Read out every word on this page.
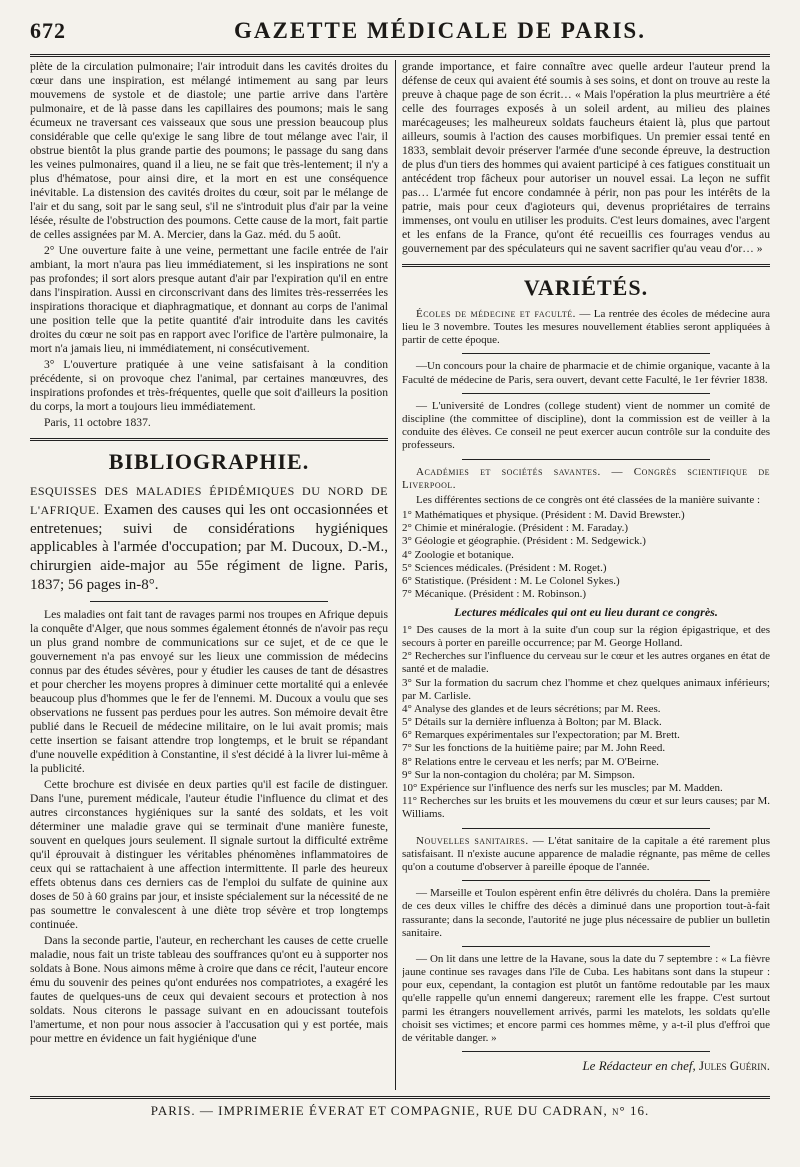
672	GAZETTE MÉDICALE DE PARIS.

plète de la circulation pulmonaire; l'air introduit dans les cavités droites du cœur dans une inspiration, est mélangé intimement au sang par leurs mouvemens de systole et de diastole; une partie arrive dans l'artère pulmonaire, et de là passe dans les capillaires des poumons; mais le sang écumeux ne traversant ces vaisseaux que sous une pression beaucoup plus considérable que celle qu'exige le sang libre de tout mélange avec l'air, il obstrue bientôt la plus grande partie des poumons; le passage du sang dans les veines pulmonaires, quand il a lieu, ne se fait que très-lentement; il n'y a plus d'hématose, pour ainsi dire, et la mort en est une conséquence inévitable. La distension des cavités droites du cœur, soit par le mélange de l'air et du sang, soit par le sang seul, s'il ne s'introduit plus d'air par la veine lésée, résulte de l'obstruction des poumons. Cette cause de la mort, fait partie de celles assignées par M. A. Mercier, dans la Gaz. méd. du 5 août.

2° Une ouverture faite à une veine, permettant une facile entrée de l'air ambiant, la mort n'aura pas lieu immédiatement, si les inspirations ne sont pas profondes; il sort alors presque autant d'air par l'expiration qu'il en entre dans l'inspiration. Aussi en circonscrivant dans des limites très-resserrées les inspirations thoracique et diaphragmatique, et donnant au corps de l'animal une position telle que la petite quantité d'air introduite dans les cavités droites du cœur ne soit pas en rapport avec l'orifice de l'artère pulmonaire, la mort n'a jamais lieu, ni immédiatement, ni consécutivement.

3° L'ouverture pratiquée à une veine satisfaisant à la condition précédente, si on provoque chez l'animal, par certaines manœuvres, des inspirations profondes et très-fréquentes, quelle que soit d'ailleurs la position du corps, la mort a toujours lieu immédiatement.

Paris, 11 octobre 1837.

BIBLIOGRAPHIE.
ESQUISSES DES MALADIES ÉPIDÉMIQUES DU NORD DE L'AFRIQUE. Examen des causes qui les ont occasionnées et entretenues; suivi de considérations hygiéniques applicables à l'armée d'occupation; par M. Ducoux, D.-M., chirurgien aide-major au 55e régiment de ligne. Paris, 1837; 56 pages in-8°.

Les maladies ont fait tant de ravages parmi nos troupes en Afrique depuis la conquête d'Alger, que nous sommes également étonnés de n'avoir pas reçu un plus grand nombre de communications sur ce sujet, et de ce que le gouvernement n'a pas envoyé sur les lieux une commission de médecins connus par des études sévères, pour y étudier les causes de tant de désastres et pour chercher les moyens propres à diminuer cette mortalité qui a enlevée beaucoup plus d'hommes que le fer de l'ennemi. M. Ducoux a voulu que ses observations ne fussent pas perdues pour les autres. Son mémoire devait être publié dans le Recueil de médecine militaire, on le lui avait promis; mais cette insertion se faisant attendre trop longtemps, et le bruit se répandant d'une nouvelle expédition à Constantine, il s'est décidé à la livrer lui-même à la publicité.

Cette brochure est divisée en deux parties qu'il est facile de distinguer. Dans l'une, purement médicale, l'auteur étudie l'influence du climat et des autres circonstances hygiéniques sur la santé des soldats, et les voit déterminer une maladie grave qui se terminait d'une manière funeste, souvent en quelques jours seulement. Il signale surtout la difficulté extrême qu'il éprouvait à distinguer les véritables phénomènes inflammatoires de ceux qui se rattachaient à une affection intermittente. Il parle des heureux effets obtenus dans ces derniers cas de l'emploi du sulfate de quinine aux doses de 50 à 60 grains par jour, et insiste spécialement sur la nécessité de ne pas soumettre le convalescent à une diète trop sévère et trop longtemps continuée.

Dans la seconde partie, l'auteur, en recherchant les causes de cette cruelle maladie, nous fait un triste tableau des souffrances qu'ont eu à supporter nos soldats à Bone. Nous aimons même à croire que dans ce récit, l'auteur encore ému du souvenir des peines qu'ont endurées nos compatriotes, a exagéré les fautes de quelques-uns de ceux qui devaient secours et protection à nos soldats. Nous citerons le passage suivant en en adoucissant toutefois l'amertume, et non pour nous associer à l'accusation qui y est portée, mais pour mettre en évidence un fait hygiénique d'une

grande importance, et faire connaître avec quelle ardeur l'auteur prend la défense de ceux qui avaient été soumis à ses soins, et dont on trouve au reste la preuve à chaque page de son écrit… « Mais l'opération la plus meurtrière a été celle des fourrages exposés à un soleil ardent, au milieu des plaines marécageuses; les malheureux soldats faucheurs étaient là, plus que partout ailleurs, soumis à l'action des causes morbifiques. Un premier essai tenté en 1833, semblait devoir préserver l'armée d'une seconde épreuve, la destruction de plus d'un tiers des hommes qui avaient participé à ces fatigues constituait un antécédent trop fâcheux pour autoriser un nouvel essai. La leçon ne suffit pas… L'armée fut encore condamnée à périr, non pas pour les intérêts de la patrie, mais pour ceux d'agioteurs qui, devenus propriétaires de terrains immenses, ont voulu en utiliser les produits. C'est leurs domaines, avec l'argent et les enfans de la France, qu'ont été recueillis ces fourrages vendus au gouvernement par des spéculateurs qui ne savent sacrifier qu'au veau d'or… »

VARIÉTÉS.

Écoles de médecine et faculté. — La rentrée des écoles de médecine aura lieu le 3 novembre. Toutes les mesures nouvellement établies seront appliquées à partir de cette époque.

—Un concours pour la chaire de pharmacie et de chimie organique, vacante à la Faculté de médecine de Paris, sera ouvert, devant cette Faculté, le 1er février 1838.

— L'université de Londres (college student) vient de nommer un comité de discipline (the committee of discipline), dont la commission est de veiller à la conduite des élèves. Ce conseil ne peut exercer aucun contrôle sur la conduite des professeurs.

Académies et sociétés savantes. — Congrès scientifique de Liverpool.

Les différentes sections de ce congrès ont été classées de la manière suivante :

1° Mathématiques et physique. (Président : M. David Brewster.)
2° Chimie et minéralogie. (Président : M. Faraday.)
3° Géologie et géographie. (Président : M. Sedgewick.)
4° Zoologie et botanique.
5° Sciences médicales. (Président : M. Roget.)
6° Statistique. (Président : M. Le Colonel Sykes.)
7° Mécanique. (Président : M. Robinson.)
Lectures médicales qui ont eu lieu durant ce congrès.
1° Des causes de la mort à la suite d'un coup sur la région épigastrique, et des secours à porter en pareille occurrence; par M. George Holland.
2° Recherches sur l'influence du cerveau sur le cœur et les autres organes en état de santé et de maladie.
3° Sur la formation du sacrum chez l'homme et chez quelques animaux inférieurs; par M. Carlisle.
4° Analyse des glandes et de leurs sécrétions; par M. Rees.
5° Détails sur la dernière influenza à Bolton; par M. Black.
6° Remarques expérimentales sur l'expectoration; par M. Brett.
7° Sur les fonctions de la huitième paire; par M. John Reed.
8° Relations entre le cerveau et les nerfs; par M. O'Beirne.
9° Sur la non-contagion du choléra; par M. Simpson.
10° Expérience sur l'influence des nerfs sur les muscles; par M. Madden.
11° Recherches sur les bruits et les mouvemens du cœur et sur leurs causes; par M. Williams.

Nouvelles sanitaires. — L'état sanitaire de la capitale a été rarement plus satisfaisant. Il n'existe aucune apparence de maladie régnante, pas même de celles qu'on a coutume d'observer à pareille époque de l'année.

— Marseille et Toulon espèrent enfin être délivrés du choléra. Dans la première de ces deux villes le chiffre des décès a diminué dans une proportion tout-à-fait rassurante; dans la seconde, l'autorité ne juge plus nécessaire de publier un bulletin sanitaire.

— On lit dans une lettre de la Havane, sous la date du 7 septembre : « La fièvre jaune continue ses ravages dans l'île de Cuba. Les habitans sont dans la stupeur : pour eux, cependant, la contagion est plutôt un fantôme redoutable par les maux qu'elle rappelle qu'un ennemi dangereux; rarement elle les frappe. C'est surtout parmi les étrangers nouvellement arrivés, parmi les matelots, les soldats qu'elle choisit ses victimes; et encore parmi ces hommes même, y a-t-il plus d'effroi que de véritable danger. »

Le Rédacteur en chef, Jules Guérin.
PARIS. — IMPRIMERIE ÉVERAT ET COMPAGNIE, RUE DU CADRAN, n° 16.
